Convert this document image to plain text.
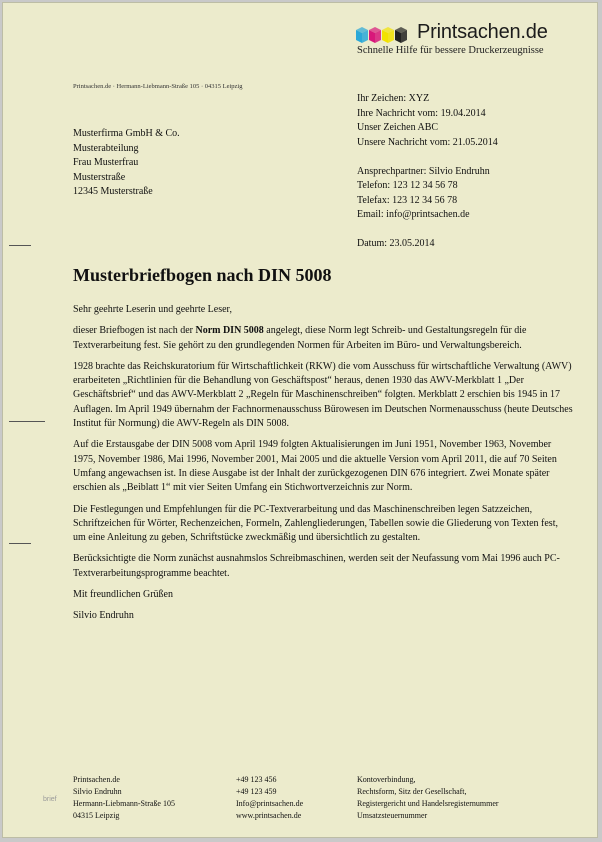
Printsachen.de
Schnelle Hilfe für bessere Druckerzeugnisse
Printsachen.de · Hermann-Liebmann-Straße 105 · 04315 Leipzig
Musterfirma GmbH & Co.
Musterabteilung
Frau Musterfrau
Musterstraße
12345 Musterstraße
Ihr Zeichen: XYZ
Ihre Nachricht vom: 19.04.2014
Unser Zeichen ABC
Unsere Nachricht vom: 21.05.2014
Ansprechpartner: Silvio Endruhn
Telefon: 123 12 34 56 78
Telefax: 123 12 34 56 78
Email: info@printsachen.de
Datum: 23.05.2014
Musterbriefbogen nach DIN 5008

Sehr geehrte Leserin und geehrte Leser,

dieser Briefbogen ist nach der Norm DIN 5008 angelegt, diese Norm legt Schreib- und Gestaltungsregeln für die Textverarbeitung fest. Sie gehört zu den grundlegenden Normen für Arbeiten im Büro- und Verwaltungsbereich.

1928 brachte das Reichskuratorium für Wirtschaftlichkeit (RKW) die vom Ausschuss für wirtschaftliche Verwaltung (AWV) erarbeiteten „Richtlinien für die Behandlung von Geschäftspost“ heraus, denen 1930 das AWV-Merkblatt 1 „Der Geschäftsbrief“ und das AWV-Merkblatt 2 „Regeln für Maschinenschreiben“ folgten. Merkblatt 2 erschien bis 1945 in 17 Auflagen. Im April 1949 übernahm der Fachnormenausschuss Bürowesen im Deutschen Normenausschuss (heute Deutsches Institut für Normung) die AWV-Regeln als DIN 5008.

Auf die Erstausgabe der DIN 5008 vom April 1949 folgten Aktualisierungen im Juni 1951, November 1963, November 1975, November 1986, Mai 1996, November 2001, Mai 2005 und die aktuelle Version vom April 2011, die auf 70 Seiten Umfang angewachsen ist. In diese Ausgabe ist der Inhalt der zurückgezogenen DIN 676 integriert. Zwei Monate später erschien als „Beiblatt 1“ mit vier Seiten Umfang ein Stichwortverzeichnis zur Norm.

Die Festlegungen und Empfehlungen für die PC-Textverarbeitung und das Maschinenschreiben legen Satzzeichen, Schriftzeichen für Wörter, Rechenzeichen, Formeln, Zahlengliederungen, Tabellen sowie die Gliederung von Texten fest, um eine Anleitung zu geben, Schriftstücke zweckmäßig und übersichtlich zu gestalten.

Berücksichtigte die Norm zunächst ausnahmslos Schreibmaschinen, werden seit der Neufassung vom Mai 1996 auch PC-Textverarbeitungsprogramme beachtet.

Mit freundlichen Grüßen

Silvio Endruhn

Printsachen.de
Silvio Endruhn
Hermann-Liebmann-Straße 105
04315 Leipzig
+49 123 456
+49 123 459
Info@printsachen.de
www.printsachen.de
Kontoverbindung,
Rechtsform, Sitz der Gesellschaft,
Registergericht und Handelsregisternummer
Umsatzsteuernummer
brief
